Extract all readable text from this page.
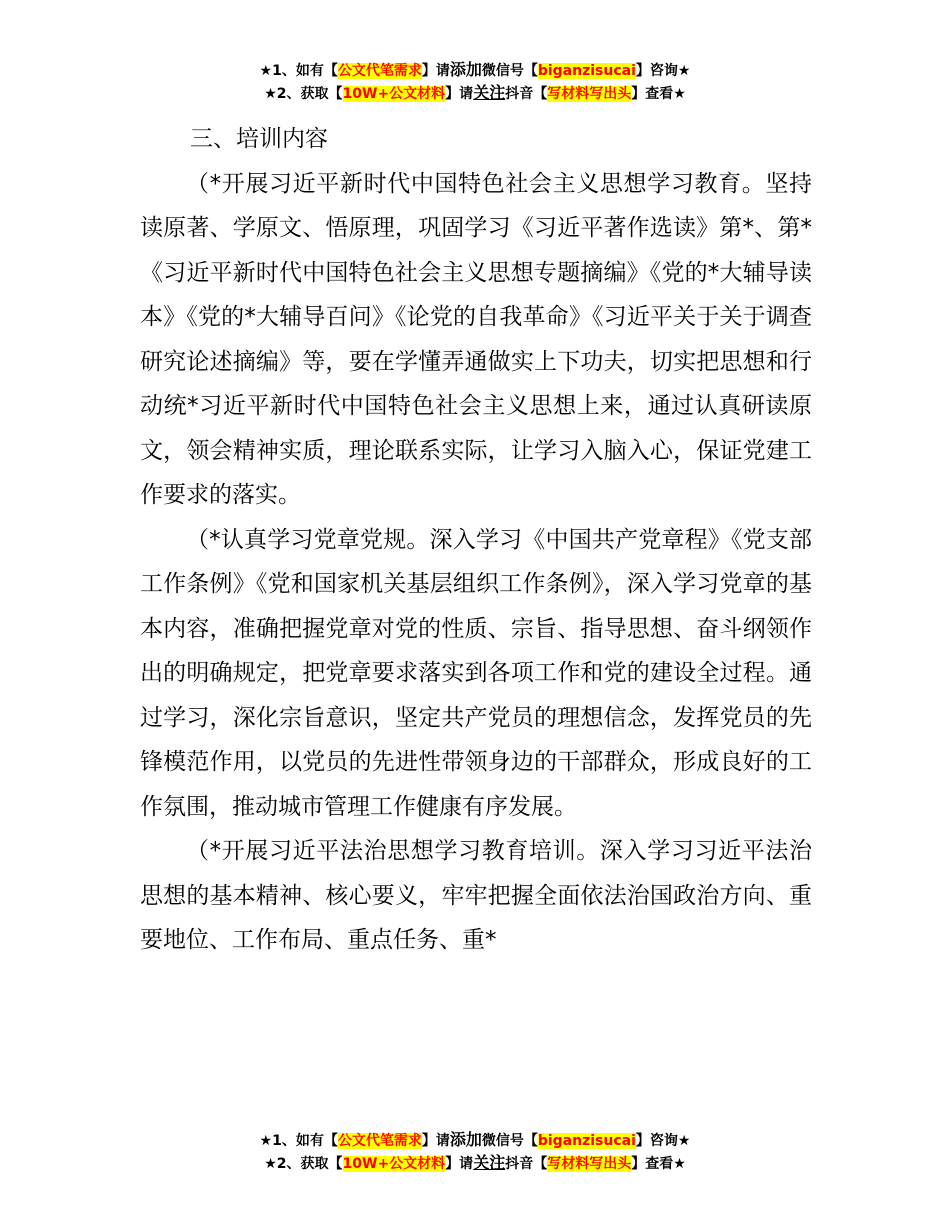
★1、如有【公文代笔需求】请添加微信号【biganzisucai】咨询★
★2、获取【10W+公文材料】请关注抖音【写材料写出头】查看★

三、培训内容

（*开展习近平新时代中国特色社会主义思想学习教育。坚持读原著、学原文、悟原理，巩固学习《习近平著作选读》第*、第*《习近平新时代中国特色社会主义思想专题摘编》《党的*大辅导读本》《党的*大辅导百问》《论党的自我革命》《习近平关于关于调查研究论述摘编》等，要在学懂弄通做实上下功夫，切实把思想和行动统*习近平新时代中国特色社会主义思想上来，通过认真研读原文，领会精神实质，理论联系实际，让学习入脑入心，保证党建工作要求的落实。

（*认真学习党章党规。深入学习《中国共产党章程》《党支部工作条例》《党和国家机关基层组织工作条例》，深入学习党章的基本内容，准确把握党章对党的性质、宗旨、指导思想、奋斗纲领作出的明确规定，把党章要求落实到各项工作和党的建设全过程。通过学习，深化宗旨意识，坚定共产党员的理想信念，发挥党员的先锋模范作用，以党员的先进性带领身边的干部群众，形成良好的工作氛围，推动城市管理工作健康有序发展。

（*开展习近平法治思想学习教育培训。深入学习习近平法治思想的基本精神、核心要义，牢牢把握全面依法治国政治方向、重要地位、工作布局、重点任务、重*

★1、如有【公文代笔需求】请添加微信号【biganzisucai】咨询★
★2、获取【10W+公文材料】请关注抖音【写材料写出头】查看★
